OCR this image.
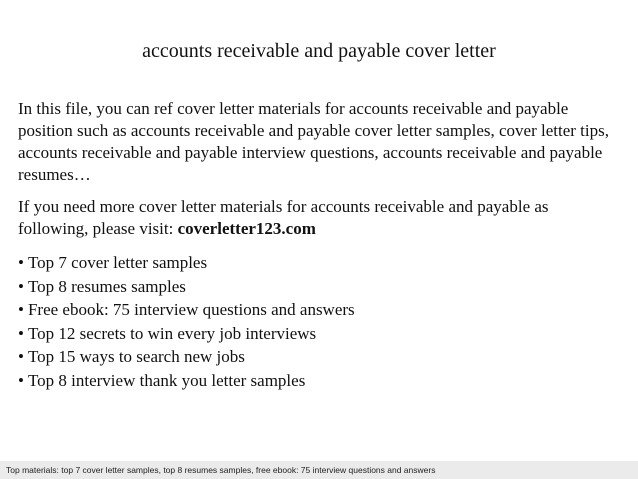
accounts receivable and payable cover letter

In this file, you can ref cover letter materials for accounts receivable and payable position such as accounts receivable and payable cover letter samples, cover letter tips, accounts receivable and payable interview questions, accounts receivable and payable resumes…

If you need more cover letter materials for accounts receivable and payable as following, please visit: coverletter123.com

• Top 7 cover letter samples
• Top 8 resumes samples
• Free ebook: 75 interview questions and answers
• Top 12 secrets to win every job interviews
• Top 15 ways to search new jobs
• Top 8 interview thank you letter samples
Top materials: top 7 cover letter samples, top 8 resumes samples, free ebook: 75 interview questions and answers
